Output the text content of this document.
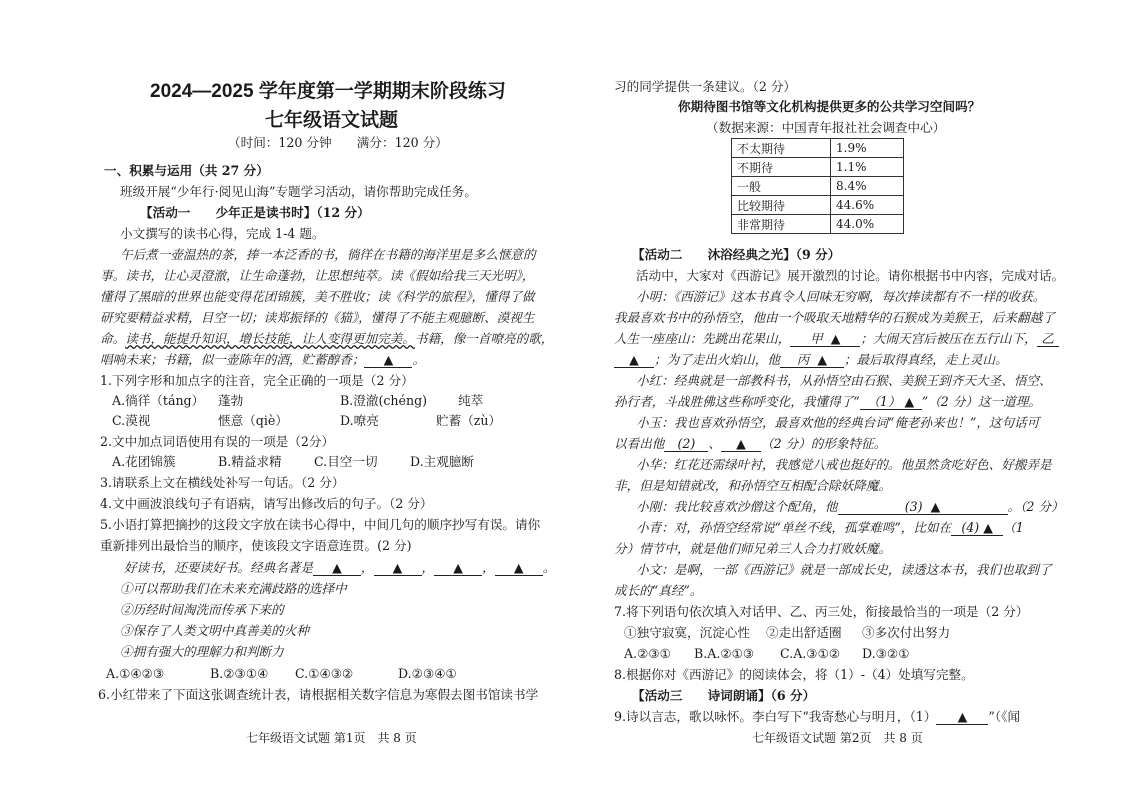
2024—2025 学年度第一学期期末阶段练习
七年级语文试题
（时间：120 分钟　　满分：120 分）
一、积累与运用（共 27 分）
班级开展“少年行·阅见山海”专题学习活动，请你帮助完成任务。
【活动一　　少年正是读书时】（12 分）
小文撰写的读书心得，完成 1-4 题。
午后煮一壶温热的茶，捧一本泛香的书，徜徉在书籍的海洋里是多么惬意的
事。读书，让心灵澄澈，让生命蓬勃，让思想纯萃。读《假如给我三天光明》，
懂得了黑暗的世界也能变得花团锦簇，美不胜收；读《科学的旅程》，懂得了做
研究要精益求精，目空一切；读郑振铎的《猫》，懂得了不能主观臆断、漠视生
命。读书，能提升知识，增长技能，让人变得更加完美。书籍，像一首嘹亮的歌，
唱响未来；书籍，似一壶陈年的酒，贮蓄醇香； ▲ 。
1.下列字形和加点字的注音，完全正确的一项是（2 分）
A.徜徉（táng） 蓬勃	B.澄澈(chéng) 纯萃
C.漠视	惬意（qiè）	D.嘹亮	贮蓄（zù）
2.文中加点词语使用有误的一项是（2分）
A.花团锦簇	B.精益求精	C.目空一切	D.主观臆断
3.请联系上文在横线处补写一句话。（2 分）
4.文中画波浪线句子有语病，请写出修改后的句子。（2 分）
5.小语打算把摘抄的这段文字放在读书心得中，中间几句的顺序抄写有误。请你
重新排列出最恰当的顺序，使该段文字语意连贯。(2 分)
好读书，还要读好书。经典名著是 ▲ ， ▲ ， ▲ ， ▲ 。
①可以帮助我们在未来充满歧路的选择中
②历经时间淘洗而传承下来的
③保存了人类文明中真善美的火种
④拥有强大的理解力和判断力
A.①④②③	B.②③①④ C.①④③②	D.②③④①
6.小红带来了下面这张调查统计表，请根据相关数字信息为寒假去图书馆读书学
七年级语文试题 第1页　共 8 页
习的同学提供一条建议。（2 分）
你期待图书馆等文化机构提供更多的公共学习空间吗？
（数据来源：中国青年报社社会调查中心）
不太期待	1.9%
不期待	1.1%
一般	8.4%
比较期待	44.6%
非常期待	44.0%
【活动二　　沐浴经典之光】（9 分）
活动中，大家对《西游记》展开激烈的讨论。请你根据书中内容，完成对话。
小明：《西游记》这本书真令人回味无穷啊，每次捧读都有不一样的收获。
我最喜欢书中的孙悟空，他由一个吸取天地精华的石猴成为美猴王，后来翻越了
人生一座座山：先跳出花果山， 甲 ▲ ；大闹天宫后被压在五行山下， 乙
▲ ；为了走出火焰山，他 丙 ▲ ；最后取得真经，走上灵山。
小红：经典就是一部教科书，从孙悟空由石猴、美猴王到齐天大圣、悟空、
孙行者，斗战胜佛这些称呼变化，我懂得了“ （1） ▲ ”（2 分）这一道理。
小玉：我也喜欢孙悟空，最喜欢他的经典台词“俺老孙来也！”，这句话可
以看出他 (2) 、 ▲ （2 分）的形象特征。
小华：红花还需绿叶衬，我感觉八戒也挺好的。他虽然贪吃好色、好搬弄是
非，但是知错就改，和孙悟空互相配合除妖降魔。
小刚：我比较喜欢沙僧这个配角，他	(3) ▲	。（2 分）
小青：对，孙悟空经常说“单丝不线，孤掌难鸣”，比如在 (4) ▲ （1
分）情节中，就是他们师兄弟三人合力打败妖魔。
小文：是啊，一部《西游记》就是一部成长史，读透这本书，我们也取到了
成长的“真经”。
7.将下列语句依次填入对话甲、乙、丙三处，衔接最恰当的一项是（2 分）
①独守寂寞，沉淀心性 ②走出舒适圈 ③多次付出努力
A.②③① B.A.②①③ C.A.③①② D.③②①
8.根据你对《西游记》的阅读体会，将（1）-（4）处填写完整。
【活动三　　诗词朗诵】（6 分）
9.诗以言志，歌以咏怀。李白写下“我寄愁心与明月，（1） ▲ ”（《闻
七年级语文试题 第2页　共 8 页
